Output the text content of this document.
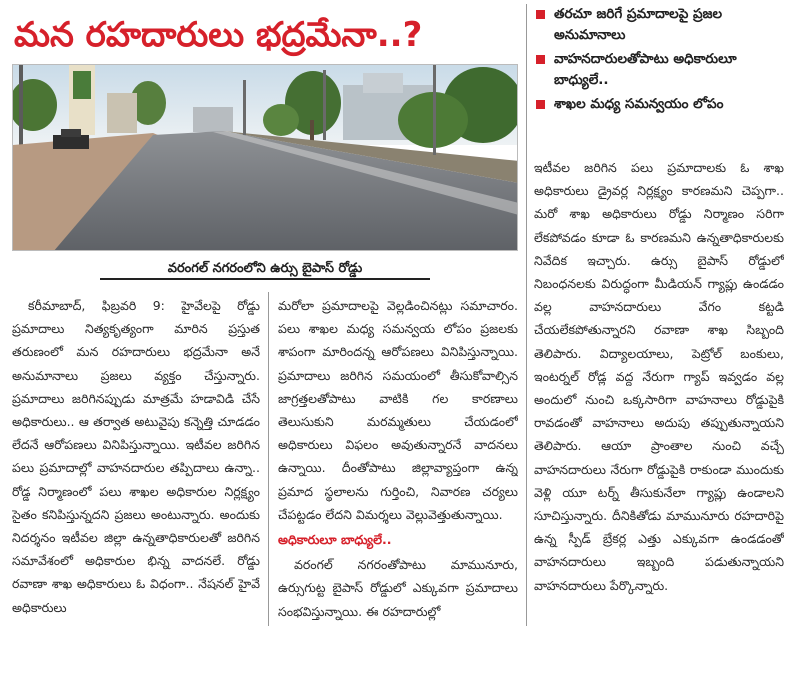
మన రహదారులు భద్రమేనా..?
వరంగల్ నగరంలోని ఉర్సు బైపాస్ రోడ్డు
తరచూ జరిగే ప్రమాదాలపై ప్రజల అనుమానాలు
వాహనదారులతోపాటు అధికారులూ బాధ్యులే..
శాఖల మధ్య సమన్వయం లోపం

కరీమాబాద్, ఫిబ్రవరి 9: హైవేలపై రోడ్డు ప్రమాదాలు నిత్యకృత్యంగా మారిన ప్రస్తుత తరుణంలో మన రహదారులు భద్రమేనా అనే అనుమానాలు ప్రజలు వ్యక్తం చేస్తున్నారు. ప్రమాదాలు జరిగినప్పుడు మాత్రమే హడావిడి చేసే అధికారులు.. ఆ తర్వాత అటువైపు కన్నెత్తి చూడడం లేదనే ఆరోపణలు వినిపిస్తున్నాయి. ఇటీవల జరిగిన పలు ప్రమాదాల్లో వాహనదారుల తప్పిదాలు ఉన్నా.. రోడ్డ నిర్మాణంలో పలు శాఖల అధికారుల నిర్లక్ష్యం సైతం కనిపిస్తున్నదని ప్రజలు అంటున్నారు. అందుకు నిదర్శనం ఇటీవల జిల్లా ఉన్నతాధికారులతో జరిగిన సమావేశంలో అధికారుల భిన్న వాదనలే. రోడ్డు రవాణా శాఖ అధికారులు ఓ విధంగా.. నేషనల్ హైవే అధికారులు

మరోలా ప్రమాదాలపై వెల్లడించినట్లు సమాచారం. పలు శాఖల మధ్య సమన్వయ లోపం ప్రజలకు శాపంగా మారిందన్న ఆరోపణలు వినిపిస్తున్నాయి. ప్రమాదాలు జరిగిన సమయంలో తీసుకోవాల్సిన జాగ్రత్తలతోపాటు వాటికి గల కారణాలు తెలుసుకుని మరమ్మతులు చేయడంలో అధికారులు విఫలం అవుతున్నారనే వాదనలు ఉన్నాయి. దీంతోపాటు జిల్లావ్యాప్తంగా ఉన్న ప్రమాద స్థలాలను గుర్తించి, నివారణ చర్యలు చేపట్టడం లేదని విమర్శలు వెల్లువెత్తుతున్నాయి.

అధికారులూ బాధ్యులే..

వరంగల్ నగరంతోపాటు మామునూరు, ఉర్సుగుట్ట బైపాస్ రోడ్డులో ఎక్కువగా ప్రమాదాలు సంభవిస్తున్నాయి. ఈ రహదారుల్లో

ఇటీవల జరిగిన పలు ప్రమాదాలకు ఓ శాఖ అధికారులు డ్రైవర్ల నిర్లక్ష్యం కారణమని చెప్పగా.. మరో శాఖ అధికారులు రోడ్డు నిర్మాణం సరిగా లేకపోవడం కూడా ఓ కారణమని ఉన్నతాధికారులకు నివేదిక ఇచ్చారు. ఉర్సు బైపాస్ రోడ్డులో నిబంధనలకు విరుద్ధంగా మీడియన్ గ్యాప్లు ఉండడం వల్ల వాహనదారులు వేగం కట్టడి చేయలేకపోతున్నారని రవాణా శాఖ సిబ్బంది తెలిపారు. విద్యాలయాలు, పెట్రోల్ బంకులు, ఇంటర్నల్ రోడ్ల వద్ద నేరుగా గ్యాప్ ఇవ్వడం వల్ల అందులో నుంచి ఒక్కసారిగా వాహనాలు రోడ్డుపైకి రావడంతో వాహనాలు అదుపు తప్పుతున్నాయని తెలిపారు. ఆయా ప్రాంతాల నుంచి వచ్చే వాహనదారులు నేరుగా రోడ్డుపైకి రాకుండా ముందుకు వెళ్లి యూ టర్న్ తీసుకునేలా గ్యాప్లు ఉండాలని సూచిస్తున్నారు. దీనికితోడు మామునూరు రహదారిపై ఉన్న స్పీడ్ బ్రేకర్ల ఎత్తు ఎక్కువగా ఉండడంతో వాహనదారులు ఇబ్బంది పడుతున్నాయని వాహనదారులు పేర్కొన్నారు.
